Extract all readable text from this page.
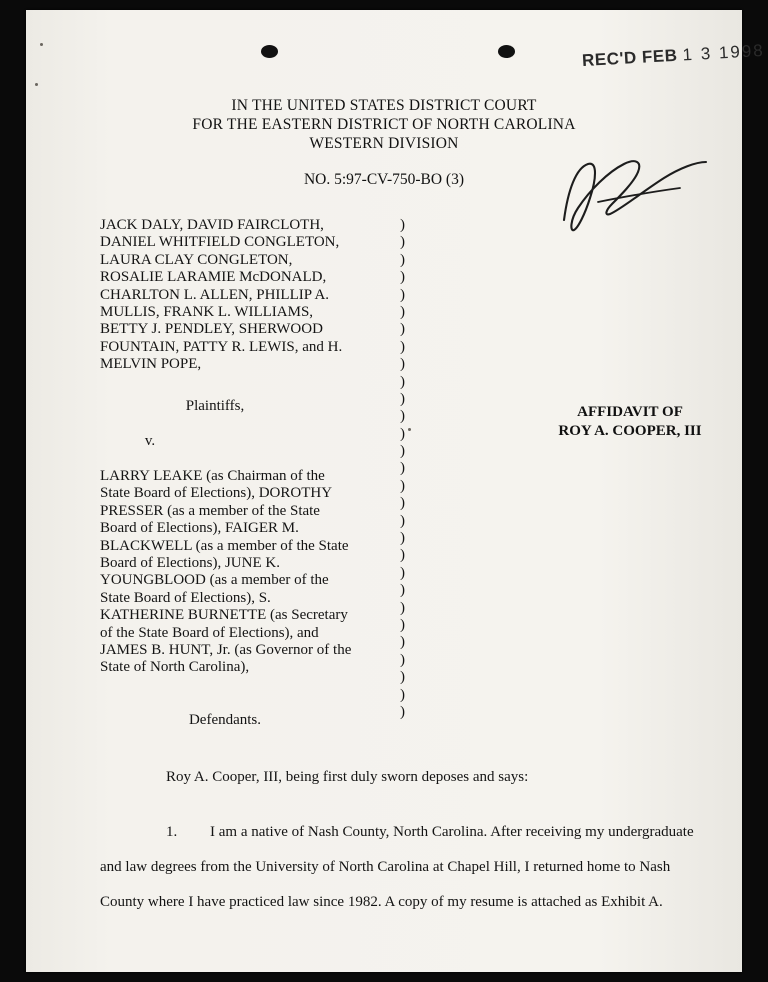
REC'D FEB 1 3 1998
IN THE UNITED STATES DISTRICT COURT
FOR THE EASTERN DISTRICT OF NORTH CAROLINA
WESTERN DIVISION
NO. 5:97-CV-750-BO (3)
JACK DALY, DAVID FAIRCLOTH,
DANIEL WHITFIELD CONGLETON,
LAURA CLAY CONGLETON,
ROSALIE LARAMIE McDONALD,
CHARLTON L. ALLEN, PHILLIP A.
MULLIS, FRANK L. WILLIAMS,
BETTY J. PENDLEY, SHERWOOD
FOUNTAIN, PATTY R. LEWIS, and H.
MELVIN POPE,
)
)
)
)
)
)
)
)
)
)
)
)
)
)
)
)
)
)
)
)
)
)
)
)
)
)
)
)
)
Plaintiffs,
v.
LARRY LEAKE (as Chairman of the
State Board of Elections), DOROTHY
PRESSER (as a member of the State
Board of Elections), FAIGER M.
BLACKWELL (as a member of the State
Board of Elections), JUNE K.
YOUNGBLOOD (as a member of the
State Board of Elections), S.
KATHERINE BURNETTE (as Secretary
of the State Board of Elections), and
JAMES B. HUNT, Jr. (as Governor of the
State of North Carolina),
Defendants.
AFFIDAVIT OF
ROY A. COOPER, III

Roy A. Cooper, III, being first duly sworn deposes and says:

1.	I am a native of Nash County, North Carolina. After receiving my undergraduate and law degrees from the University of North Carolina at Chapel Hill, I returned home to Nash County where I have practiced law since 1982. A copy of my resume is attached as Exhibit A.
